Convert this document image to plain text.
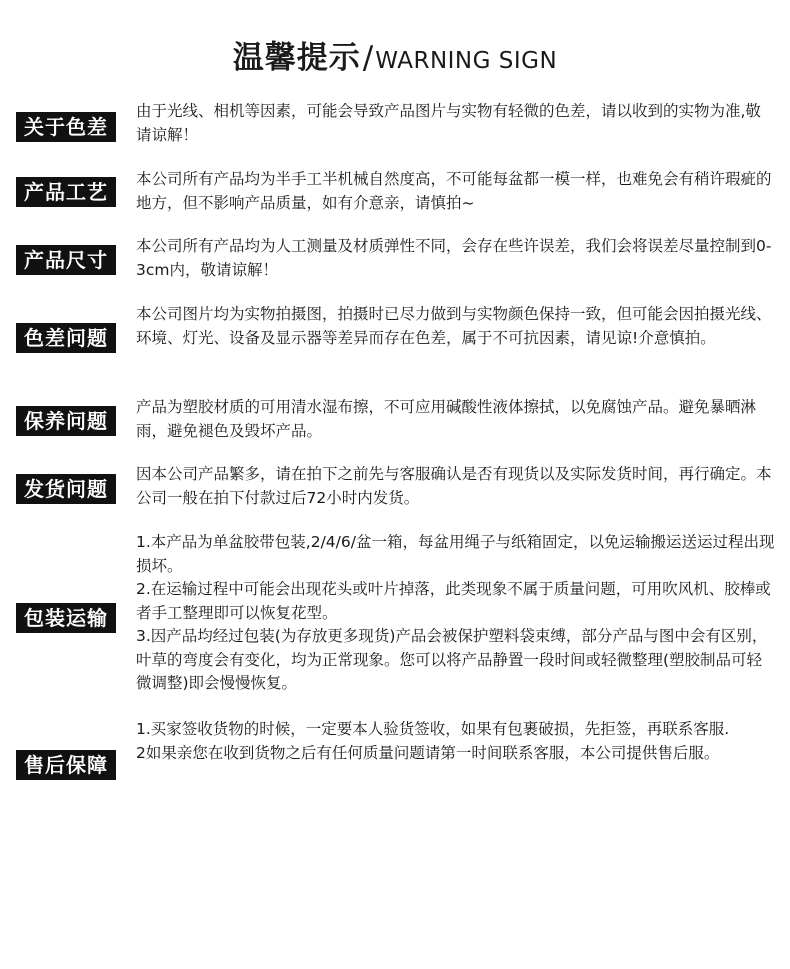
温馨提示/WARNING SIGN
关于色差
由于光线、相机等因素，可能会导致产品图片与实物有轻微的色差，请以收到的实物为准,敬请谅解！
产品工艺
本公司所有产品均为半手工半机械自然度高，不可能每盆都一模一样，也难免会有稍许瑕疵的地方，但不影响产品质量，如有介意亲，请慎拍~
产品尺寸
本公司所有产品均为人工测量及材质弹性不同，会存在些许误差，我们会将误差尽量控制到0-3cm内，敬请谅解！
色差问题
本公司图片均为实物拍摄图，拍摄时已尽力做到与实物颜色保持一致，但可能会因拍摄光线、环境、灯光、设备及显示器等差异而存在色差，属于不可抗因素，请见谅!介意慎拍。
保养问题
产品为塑胶材质的可用清水湿布擦，不可应用碱酸性液体擦拭，以免腐蚀产品。避免暴晒淋雨，避免褪色及毁坏产品。
发货问题
因本公司产品繁多，请在拍下之前先与客服确认是否有现货以及实际发货时间，再行确定。本公司一般在拍下付款过后72小时内发货。
包装运输
1.本产品为单盆胶带包装,2/4/6/盆一箱，每盆用绳子与纸箱固定，以免运输搬运送运过程出现损坏。
2.在运输过程中可能会出现花头或叶片掉落，此类现象不属于质量问题，可用吹风机、胶棒或者手工整理即可以恢复花型。
3.因产品均经过包装(为存放更多现货)产品会被保护塑料袋束缚，部分产品与图中会有区别，叶草的弯度会有变化，均为正常现象。您可以将产品静置一段时间或轻微整理(塑胶制品可轻微调整)即会慢慢恢复。
售后保障
1.买家签收货物的时候，一定要本人验货签收，如果有包裹破损，先拒签，再联系客服.
2如果亲您在收到货物之后有任何质量问题请第一时间联系客服，本公司提供售后服。
